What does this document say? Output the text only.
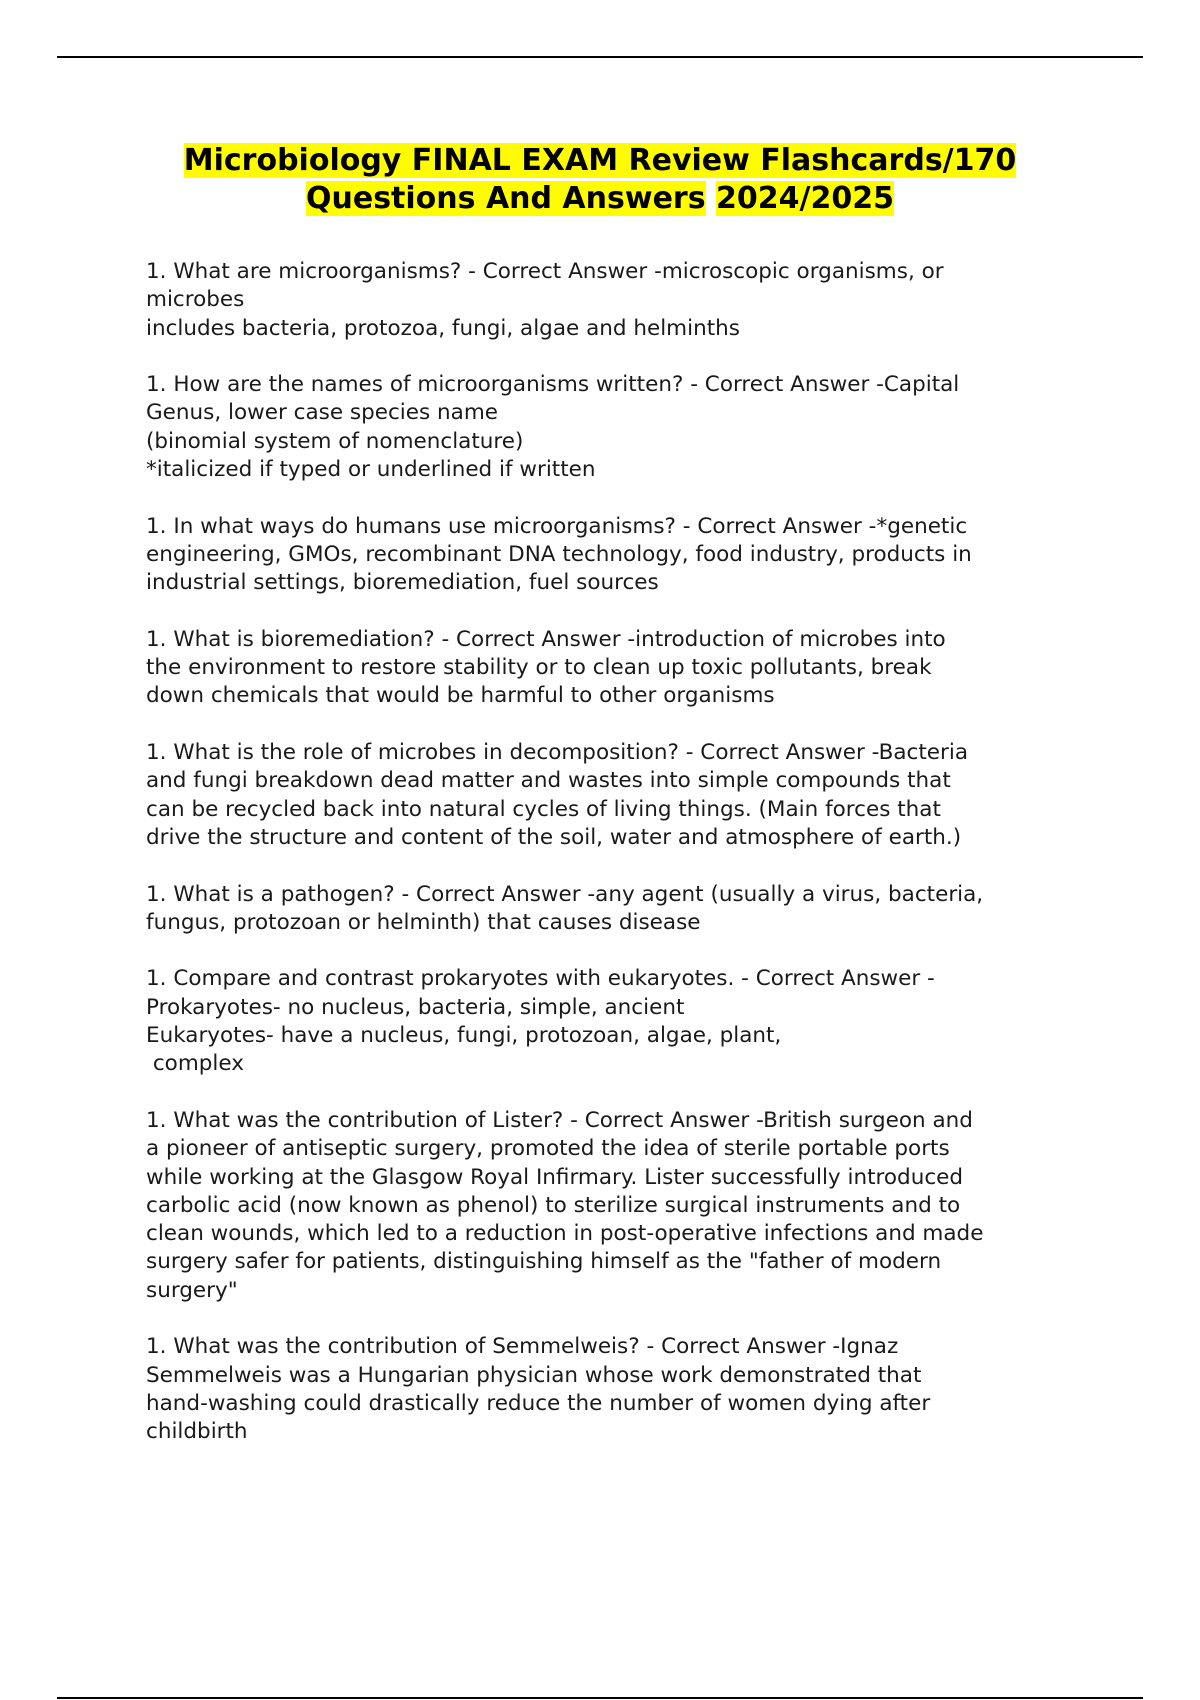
Microbiology FINAL EXAM Review Flashcards/170
Questions And Answers 2024/2025
1. What are microorganisms? - Correct Answer -microscopic organisms, or
microbes
includes bacteria, protozoa, fungi, algae and helminths
1. How are the names of microorganisms written? - Correct Answer -Capital
Genus, lower case species name
(binomial system of nomenclature)
*italicized if typed or underlined if written
1. In what ways do humans use microorganisms? - Correct Answer -*genetic
engineering, GMOs, recombinant DNA technology, food industry, products in
industrial settings, bioremediation, fuel sources
1. What is bioremediation? - Correct Answer -introduction of microbes into
the environment to restore stability or to clean up toxic pollutants, break
down chemicals that would be harmful to other organisms
1. What is the role of microbes in decomposition? - Correct Answer -Bacteria
and fungi breakdown dead matter and wastes into simple compounds that
can be recycled back into natural cycles of living things. (Main forces that
drive the structure and content of the soil, water and atmosphere of earth.)
1. What is a pathogen? - Correct Answer -any agent (usually a virus, bacteria,
fungus, protozoan or helminth) that causes disease
1. Compare and contrast prokaryotes with eukaryotes. - Correct Answer -
Prokaryotes- no nucleus, bacteria, simple, ancient
Eukaryotes- have a nucleus, fungi, protozoan, algae, plant,
complex
1. What was the contribution of Lister? - Correct Answer -British surgeon and
a pioneer of antiseptic surgery, promoted the idea of sterile portable ports
while working at the Glasgow Royal Infirmary. Lister successfully introduced
carbolic acid (now known as phenol) to sterilize surgical instruments and to
clean wounds, which led to a reduction in post-operative infections and made
surgery safer for patients, distinguishing himself as the "father of modern
surgery"
1. What was the contribution of Semmelweis? - Correct Answer -Ignaz
Semmelweis was a Hungarian physician whose work demonstrated that
hand-washing could drastically reduce the number of women dying after
childbirth
